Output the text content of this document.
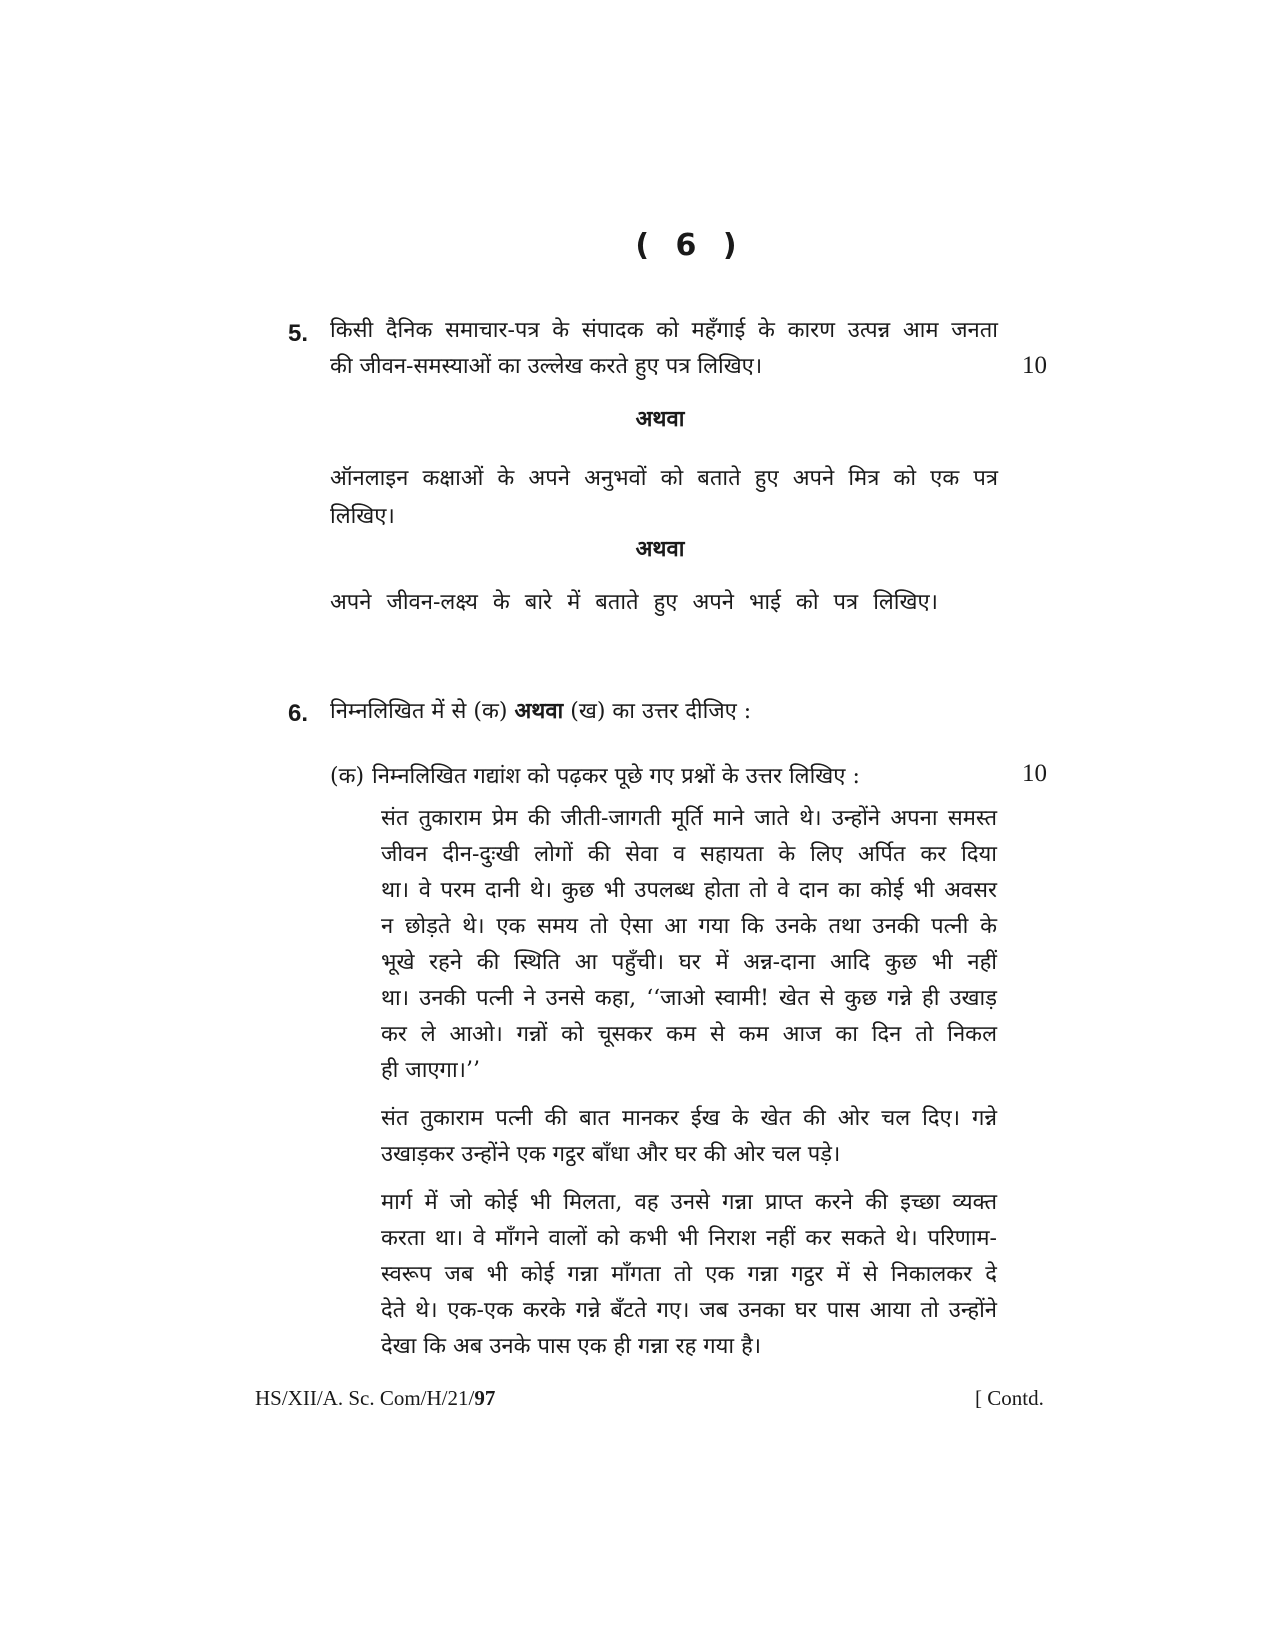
( 6 )
5. किसी दैनिक समाचार-पत्र के संपादक को महँगाई के कारण उत्पन्न आम जनता
की जीवन-समस्याओं का उल्लेख करते हुए पत्र लिखिए।	10
अथवा
ऑनलाइन कक्षाओं के अपने अनुभवों को बताते हुए अपने मित्र को एक पत्र
लिखिए।
अथवा
अपने जीवन-लक्ष्य के बारे में बताते हुए अपने भाई को पत्र लिखिए।
6. निम्नलिखित में से (क) अथवा (ख) का उत्तर दीजिए :
(क) निम्नलिखित गद्यांश को पढ़कर पूछे गए प्रश्नों के उत्तर लिखिए :	10
संत तुकाराम प्रेम की जीती-जागती मूर्ति माने जाते थे। उन्होंने अपना समस्त
जीवन दीन-दुःखी लोगों की सेवा व सहायता के लिए अर्पित कर दिया
था। वे परम दानी थे। कुछ भी उपलब्ध होता तो वे दान का कोई भी अवसर
न छोड़ते थे। एक समय तो ऐसा आ गया कि उनके तथा उनकी पत्नी के
भूखे रहने की स्थिति आ पहुँची। घर में अन्न-दाना आदि कुछ भी नहीं
था। उनकी पत्नी ने उनसे कहा, ‘‘जाओ स्वामी! खेत से कुछ गन्ने ही उखाड़
कर ले आओ। गन्नों को चूसकर कम से कम आज का दिन तो निकल
ही जाएगा।’’
संत तुकाराम पत्नी की बात मानकर ईख के खेत की ओर चल दिए। गन्ने
उखाड़कर उन्होंने एक गट्ठर बाँधा और घर की ओर चल पड़े।
मार्ग में जो कोई भी मिलता, वह उनसे गन्ना प्राप्त करने की इच्छा व्यक्त
करता था। वे माँगने वालों को कभी भी निराश नहीं कर सकते थे। परिणाम-
स्वरूप जब भी कोई गन्ना माँगता तो एक गन्ना गट्ठर में से निकालकर दे
देते थे। एक-एक करके गन्ने बँटते गए। जब उनका घर पास आया तो उन्होंने
देखा कि अब उनके पास एक ही गन्ना रह गया है।
HS/XII/A. Sc. Com/H/21/97	[ Contd.
